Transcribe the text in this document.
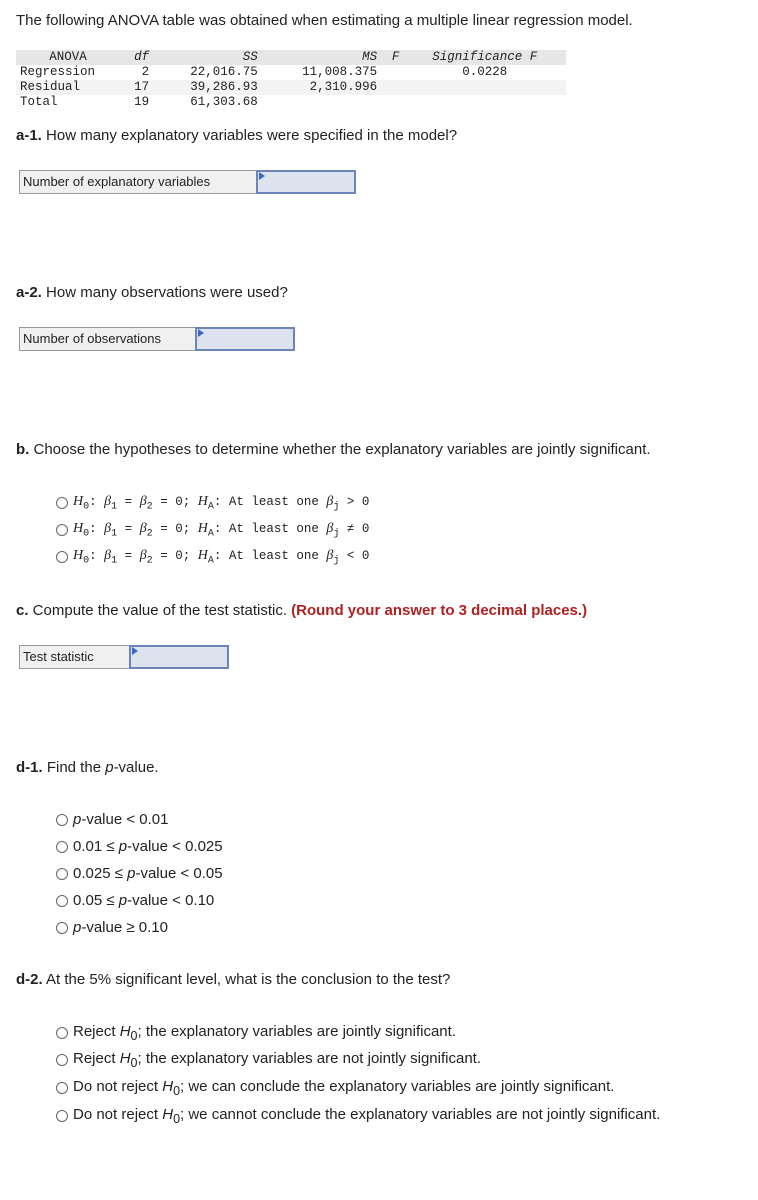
The following ANOVA table was obtained when estimating a multiple linear regression model.
ANOVA	df	SS	MS	F	Significance F
Regression	2	22,016.75	11,008.375		0.0228
Residual	17	39,286.93	2,310.996		
Total	19	61,303.68			
a-1. How many explanatory variables were specified in the model?
Number of explanatory variables
a-2. How many observations were used?
Number of observations
b. Choose the hypotheses to determine whether the explanatory variables are jointly significant.
$H_0$: $\beta_1 = \beta_2 = 0$; $H_A$: At least one $\beta_j > 0$
$H_0$: $\beta_1 = \beta_2 = 0$; $H_A$: At least one $\beta_j \ne 0$
$H_0$: $\beta_1 = \beta_2 = 0$; $H_A$: At least one $\beta_j < 0$
c. Compute the value of the test statistic. (Round your answer to 3 decimal places.)
Test statistic
d-1. Find the p-value.
p-value < 0.01
0.01 ≤ p-value < 0.025
0.025 ≤ p-value < 0.05
0.05 ≤ p-value < 0.10
p-value ≥ 0.10
d-2. At the 5% significant level, what is the conclusion to the test?
Reject $H_0$; the explanatory variables are jointly significant.
Reject $H_0$; the explanatory variables are not jointly significant.
Do not reject $H_0$; we can conclude the explanatory variables are jointly significant.
Do not reject $H_0$; we cannot conclude the explanatory variables are not jointly significant.
